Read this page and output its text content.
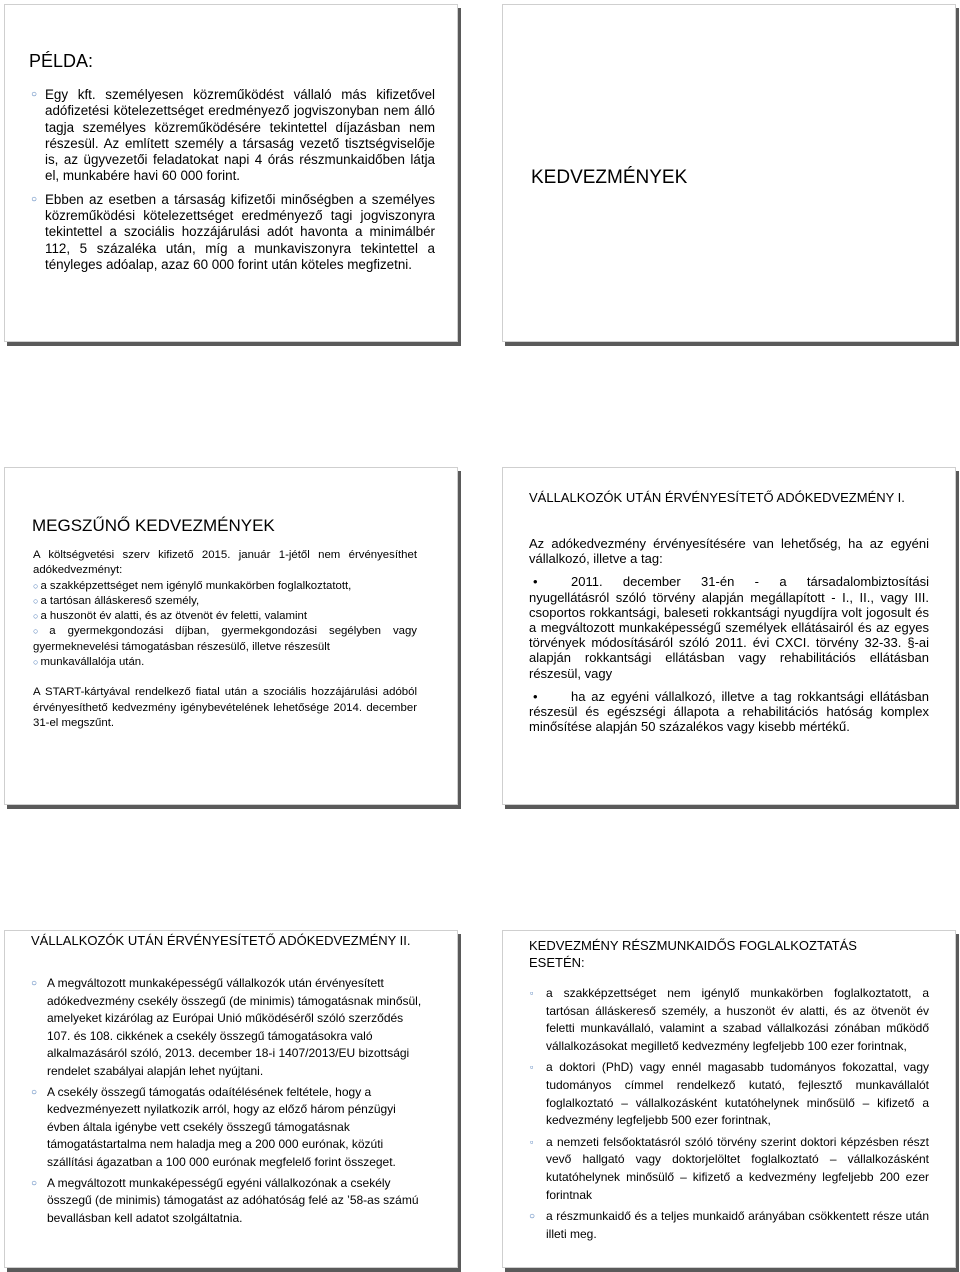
PÉLDA:
○ Egy kft. személyesen közreműködést vállaló más kifizetővel adófizetési kötelezettséget eredményező jogviszonyban nem álló tagja személyes közreműködésére tekintettel díjazásban nem részesül. Az említett személy a társaság vezető tisztségviselője is, az ügyvezetői feladatokat napi 4 órás részmunkaidőben látja el, munkabére havi 60 000 forint.
○ Ebben az esetben a társaság kifizetői minőségben a személyes közreműködési kötelezettséget eredményező tagi jogviszonyra tekintettel a szociális hozzájárulási adót havonta a minimálbér 112, 5 százaléka után, míg a munkaviszonyra tekintettel a tényleges adóalap, azaz 60 000 forint után köteles megfizetni.
KEDVEZMÉNYEK
MEGSZŰNŐ KEDVEZMÉNYEK
A költségvetési szerv kifizető 2015. január 1-jétől nem érvényesíthet adókedvezményt:
○ a szakképzettséget nem igénylő munkakörben foglalkoztatott,
○ a tartósan álláskereső személy,
○ a huszonöt év alatti, és az ötvenöt év feletti, valamint
○ a gyermekgondozási díjban, gyermekgondozási segélyben vagy gyermeknevelési támogatásban részesülő, illetve részesült
○ munkavállalója után.
A START-kártyával rendelkező fiatal után a szociális hozzájárulási adóból érvényesíthető kedvezmény igénybevételének lehetősége 2014. december 31-el megszűnt.
VÁLLALKOZÓK UTÁN ÉRVÉNYESÍTETŐ ADÓKEDVEZMÉNY I.
Az adókedvezmény érvényesítésére van lehetőség, ha az egyéni vállalkozó, illetve a tag:
•2011. december 31-én - a társadalombiztosítási nyugellátásról szóló törvény alapján megállapított - I., II., vagy III. csoportos rokkantsági, baleseti rokkantsági nyugdíjra volt jogosult és a megváltozott munkaképességű személyek ellátásairól és az egyes törvények módosításáról szóló 2011. évi CXCI. törvény 32-33. §-ai alapján rokkantsági ellátásban vagy rehabilitációs ellátásban részesül, vagy
•ha az egyéni vállalkozó, illetve a tag rokkantsági ellátásban részesül és egészségi állapota a rehabilitációs hatóság komplex minősítése alapján 50 százalékos vagy kisebb mértékű.
VÁLLALKOZÓK UTÁN ÉRVÉNYESÍTETŐ ADÓKEDVEZMÉNY II.
○ A megváltozott munkaképességű vállalkozók után érvényesített adókedvezmény csekély összegű (de minimis) támogatásnak minősül, amelyeket kizárólag az Európai Unió működéséről szóló szerződés 107. és 108. cikkének a csekély összegű támogatásokra való alkalmazásáról szóló, 2013. december 18-i 1407/2013/EU bizottsági rendelet szabályai alapján lehet nyújtani.
○ A csekély összegű támogatás odaítélésének feltétele, hogy a kedvezményezett nyilatkozik arról, hogy az előző három pénzügyi évben általa igénybe vett csekély összegű támogatásnak támogatástartalma nem haladja meg a 200 000 eurónak, közúti szállítási ágazatban a 100 000 eurónak megfelelő forint összeget.
○ A megváltozott munkaképességű egyéni vállalkozónak a csekély összegű (de minimis) támogatást az adóhatóság felé az ’58-as számú bevallásban kell adatot szolgáltatnia.
KEDVEZMÉNY RÉSZMUNKAIDŐS FOGLALKOZTATÁS ESETÉN:
▫ a szakképzettséget nem igénylő munkakörben foglalkoztatott, a tartósan álláskereső személy, a huszonöt év alatti, és az ötvenöt év feletti munkavállaló, valamint a szabad vállalkozási zónában működő vállalkozásokat megillető kedvezmény legfeljebb 100 ezer forintnak,
▫ a doktori (PhD) vagy ennél magasabb tudományos fokozattal, vagy tudományos címmel rendelkező kutató, fejlesztő munkavállalót foglalkoztató – vállalkozásként kutatóhelynek minősülő – kifizető a kedvezmény legfeljebb 500 ezer forintnak,
▫ a nemzeti felsőoktatásról szóló törvény szerint doktori képzésben részt vevő hallgató vagy doktorjelöltet foglalkoztató – vállalkozásként kutatóhelynek minősülő – kifizető a kedvezmény legfeljebb 200 ezer forintnak
○ a részmunkaidő és a teljes munkaidő arányában csökkentett része után illeti meg.
